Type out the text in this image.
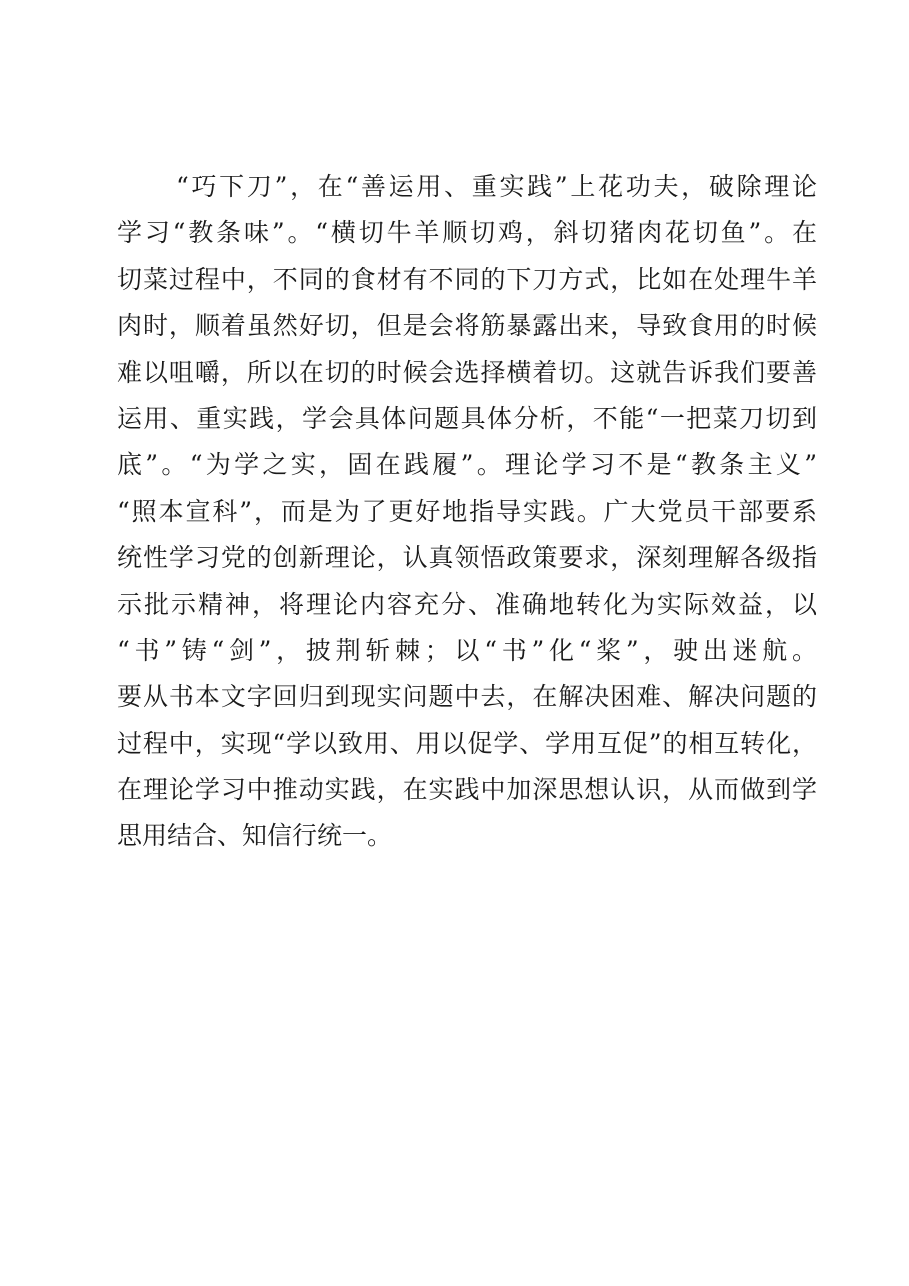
“巧下刀”，在“善运用、重实践”上花功夫，破除理论
学习“教条味”。“横切牛羊顺切鸡，斜切猪肉花切鱼”。在
切菜过程中，不同的食材有不同的下刀方式，比如在处理牛羊
肉时，顺着虽然好切，但是会将筋暴露出来，导致食用的时候
难以咀嚼，所以在切的时候会选择横着切。这就告诉我们要善
运用、重实践，学会具体问题具体分析，不能“一把菜刀切到
底”。“为学之实，固在践履”。理论学习不是“教条主义”
“照本宣科”，而是为了更好地指导实践。广大党员干部要系
统性学习党的创新理论，认真领悟政策要求，深刻理解各级指
示批示精神，将理论内容充分、准确地转化为实际效益，以
“书”铸“剑”，披荆斩棘；以“书”化“桨”，驶出迷航。
要从书本文字回归到现实问题中去，在解决困难、解决问题的
过程中，实现“学以致用、用以促学、学用互促”的相互转化，
在理论学习中推动实践，在实践中加深思想认识，从而做到学
思用结合、知信行统一。
